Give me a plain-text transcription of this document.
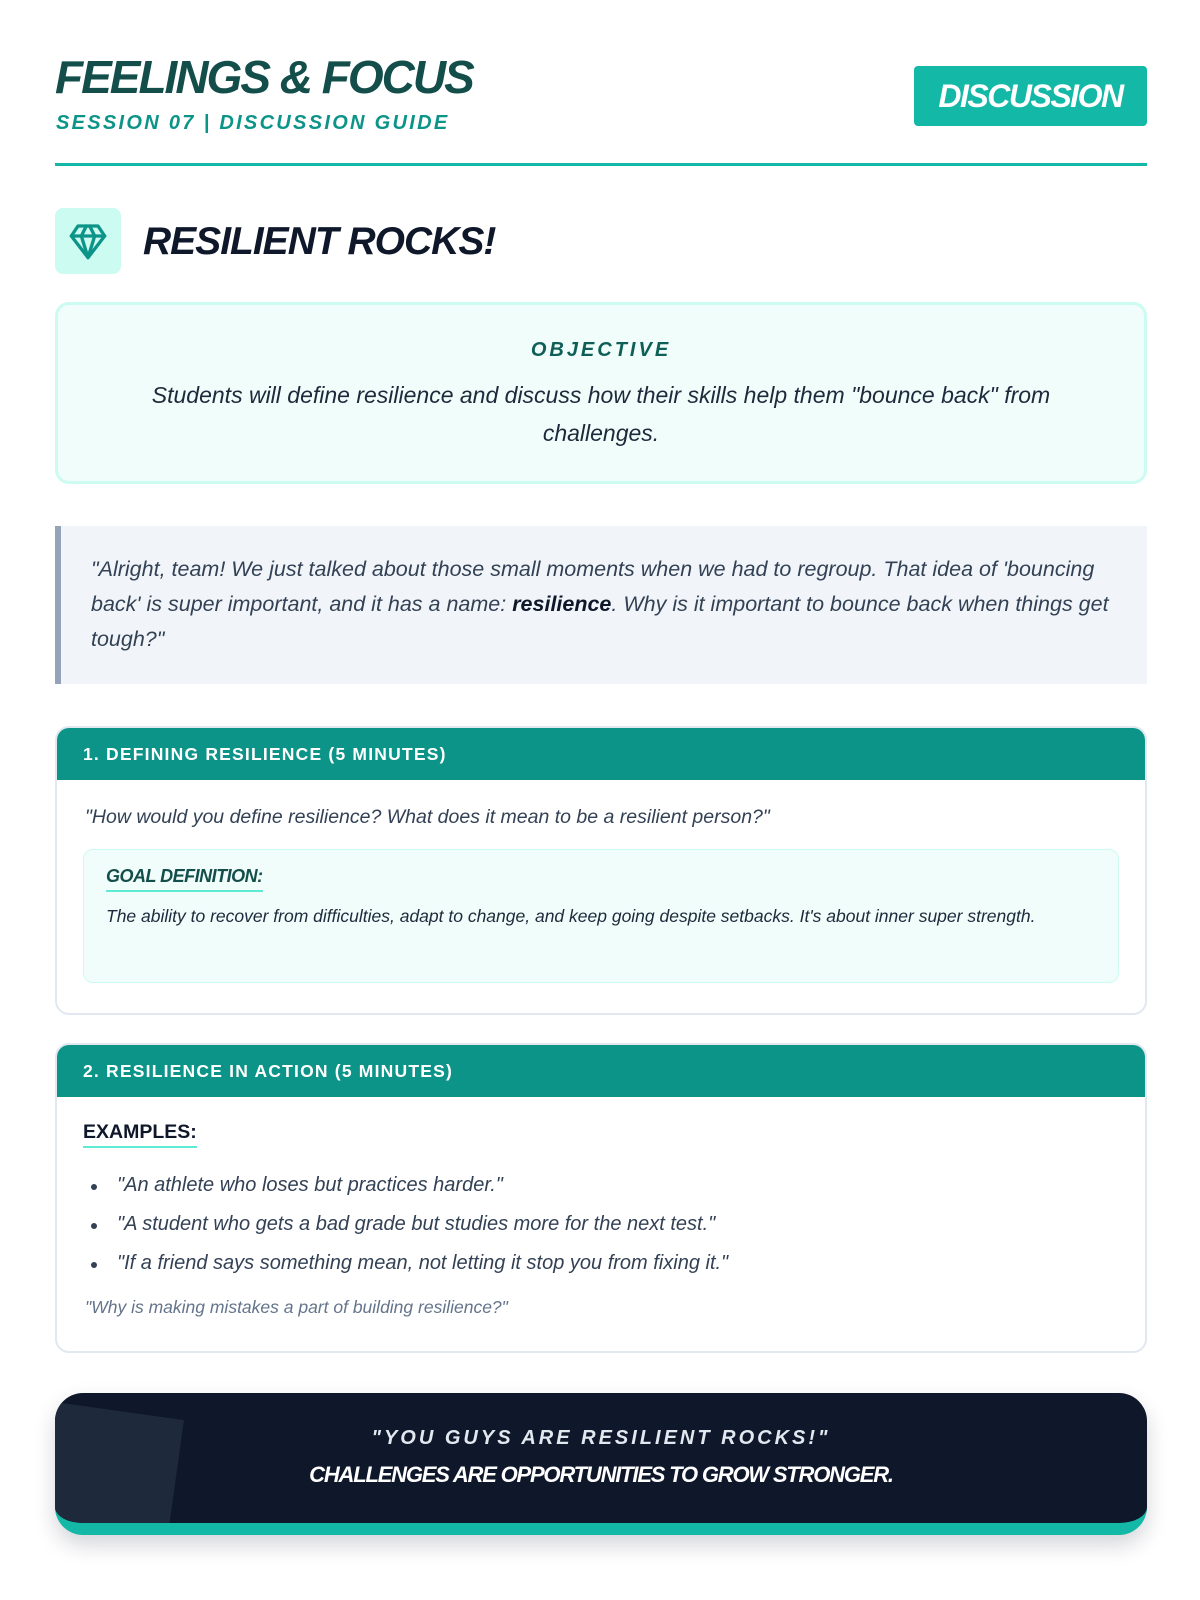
FEELINGS & FOCUS
SESSION 07 | DISCUSSION GUIDE
DISCUSSION
RESILIENT ROCKS!
OBJECTIVE
Students will define resilience and discuss how their skills help them "bounce back" from challenges.
"Alright, team! We just talked about those small moments when we had to regroup. That idea of 'bouncing back' is super important, and it has a name: resilience. Why is it important to bounce back when things get tough?"
1. DEFINING RESILIENCE (5 MINUTES)
"How would you define resilience? What does it mean to be a resilient person?"
GOAL DEFINITION:
The ability to recover from difficulties, adapt to change, and keep going despite setbacks. It's about inner super strength.
2. RESILIENCE IN ACTION (5 MINUTES)
EXAMPLES:
"An athlete who loses but practices harder."
"A student who gets a bad grade but studies more for the next test."
"If a friend says something mean, not letting it stop you from fixing it."
"Why is making mistakes a part of building resilience?"
"YOU GUYS ARE RESILIENT ROCKS!"
CHALLENGES ARE OPPORTUNITIES TO GROW STRONGER.
